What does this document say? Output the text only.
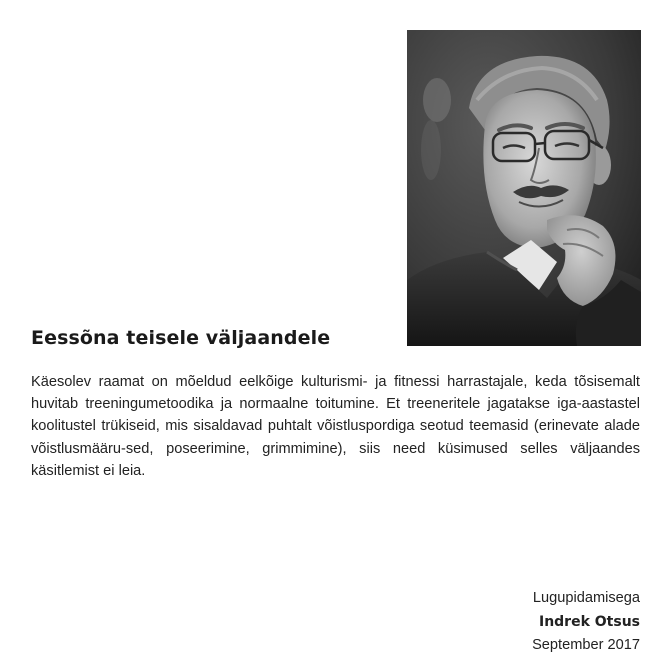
Eessõna teisele väljaandele

Käesolev raamat on mõeldud eelkõige kulturismi- ja fitnessi harrastajale, keda tõsisemalt huvitab treeningumetoodika ja normaalne toitumine. Et treeneritele jagatakse iga-aastastel koolitustel trükiseid, mis sisaldavad puhtalt võistluspordiga seotud teemasid (erinevate alade võistlusmääru-sed, poseerimine, grimmimine), siis need küsimused selles väljaandes käsitlemist ei leia.

Lugupidamisega
Indrek Otsus
September 2017
